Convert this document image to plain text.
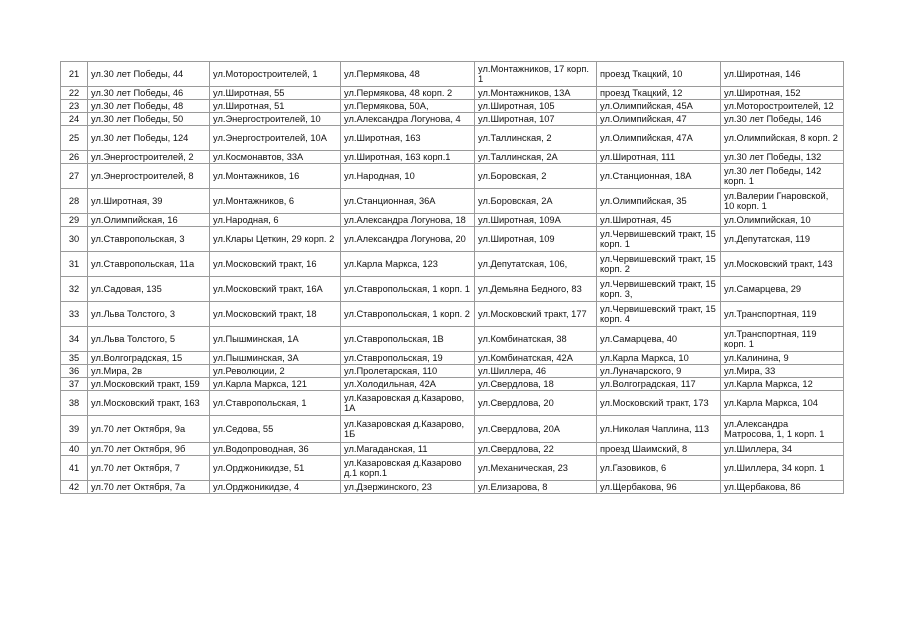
21	ул.30 лет Победы, 44	ул.Моторостроителей, 1	ул.Пермякова, 48	ул.Монтажников, 17 корп. 1	проезд Ткацкий, 10	ул.Широтная, 146
22	ул.30 лет Победы, 46	ул.Широтная, 55	ул.Пермякова, 48 корп. 2	ул.Монтажников, 13А	проезд Ткацкий, 12	ул.Широтная, 152
23	ул.30 лет Победы, 48	ул.Широтная, 51	ул.Пермякова, 50А,	ул.Широтная, 105	ул.Олимпийская, 45А	ул.Моторостроителей, 12
24	ул.30 лет Победы, 50	ул.Энергостроителей, 10	ул.Александра Логунова, 4	ул.Широтная, 107	ул.Олимпийская, 47	ул.30 лет Победы, 146
25	ул.30 лет Победы, 124	ул.Энергостроителей, 10А	ул.Широтная, 163	ул.Таллинская, 2	ул.Олимпийская, 47А	ул.Олимпийская, 8 корп. 2
26	ул.Энергостроителей, 2	ул.Космонавтов, 33А	ул.Широтная, 163 корп.1	ул.Таллинская, 2А	ул.Широтная, 111	ул.30 лет Победы, 132
27	ул.Энергостроителей, 8	ул.Монтажников, 16	ул.Народная, 10	ул.Боровская, 2	ул.Станционная, 18А	ул.30 лет Победы, 142 корп. 1
28	ул.Широтная, 39	ул.Монтажников, 6	ул.Станционная, 36А	ул.Боровская, 2А	ул.Олимпийская, 35	ул.Валерии Гнаровской, 10 корп. 1
29	ул.Олимпийская, 16	ул.Народная, 6	ул.Александра Логунова, 18	ул.Широтная, 109А	ул.Широтная, 45	ул.Олимпийская, 10
30	ул.Ставропольская, 3	ул.Клары Цеткин, 29 корп. 2	ул.Александра Логунова, 20	ул.Широтная, 109	ул.Червишевский тракт, 15 корп. 1	ул.Депутатская, 119
31	ул.Ставропольская, 11а	ул.Московский тракт, 16	ул.Карла Маркса, 123	ул.Депутатская, 106,	ул.Червишевский тракт, 15 корп. 2	ул.Московский тракт, 143
32	ул.Садовая, 135	ул.Московский тракт, 16А	ул.Ставропольская, 1 корп. 1	ул.Демьяна Бедного, 83	ул.Червишевский тракт, 15 корп. 3,	ул.Самарцева, 29
33	ул.Льва Толстого, 3	ул.Московский тракт, 18	ул.Ставропольская, 1 корп. 2	ул.Московский тракт, 177	ул.Червишевский тракт, 15 корп. 4	ул.Транспортная, 119
34	ул.Льва Толстого, 5	ул.Пышминская, 1А	ул.Ставропольская, 1В	ул.Комбинатская, 38	ул.Самарцева, 40	ул.Транспортная, 119 корп. 1
35	ул.Волгоградская, 15	ул.Пышминская, 3А	ул.Ставропольская, 19	ул.Комбинатская, 42А	ул.Карла Маркса, 10	ул.Калинина, 9
36	ул.Мира, 2в	ул.Революции, 2	ул.Пролетарская, 110	ул.Шиллера, 46	ул.Луначарского, 9	ул.Мира, 33
37	ул.Московский тракт, 159	ул.Карла Маркса, 121	ул.Холодильная, 42А	ул.Свердлова, 18	ул.Волгоградская, 117	ул.Карла Маркса, 12
38	ул.Московский тракт, 163	ул.Ставропольская, 1	ул.Казаровская д.Казарово, 1А	ул.Свердлова, 20	ул.Московский тракт, 173	ул.Карла Маркса, 104
39	ул.70 лет Октября, 9а	ул.Седова, 55	ул.Казаровская д.Казарово, 1Б	ул.Свердлова, 20А	ул.Николая Чаплина, 113	ул.Александра Матросова, 1, 1 корп. 1
40	ул.70 лет Октября, 9б	ул.Водопроводная, 36	ул.Магаданская, 11	ул.Свердлова, 22	проезд Шаимский, 8	ул.Шиллера, 34
41	ул.70 лет Октября, 7	ул.Орджоникидзе, 51	ул.Казаровская д.Казарово д.1 корп.1	ул.Механическая, 23	ул.Газовиков, 6	ул.Шиллера, 34 корп. 1
42	ул.70 лет Октября, 7а	ул.Орджоникидзе, 4	ул.Дзержинского, 23	ул.Елизарова, 8	ул.Щербакова, 96	ул.Щербакова, 86
